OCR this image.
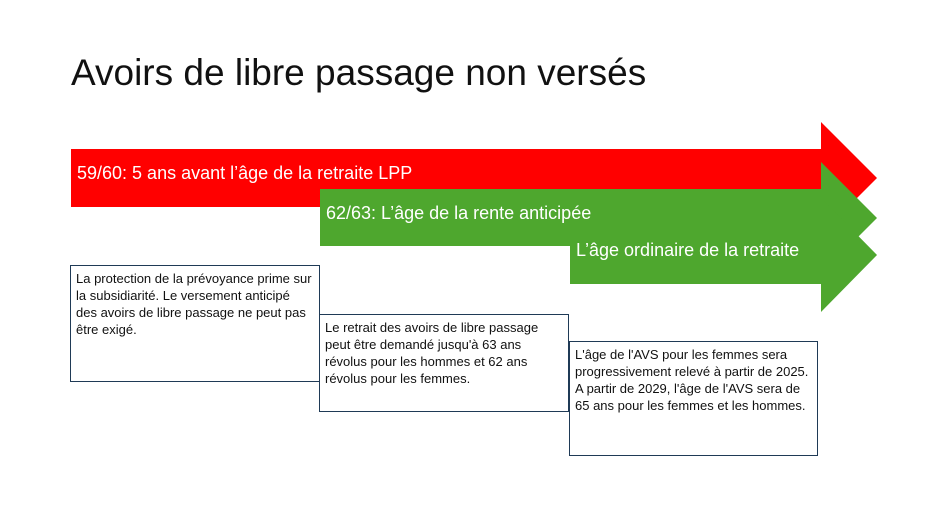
Avoirs de libre passage non versés
59/60: 5 ans avant l’âge de la retraite LPP
62/63: L’âge de la rente anticipée
L’âge ordinaire de la retraite
La protection de la prévoyance prime sur la subsidiarité. Le versement anticipé des avoirs de libre passage ne peut pas être exigé.	Le retrait des avoirs de libre passage peut être demandé jusqu'à 63 ans révolus pour les hommes et 62 ans révolus pour les femmes.
L'âge de l'AVS pour les femmes sera progressivement relevé à partir de 2025. A partir de 2029, l'âge de l'AVS sera de 65 ans pour les femmes et les hommes.
